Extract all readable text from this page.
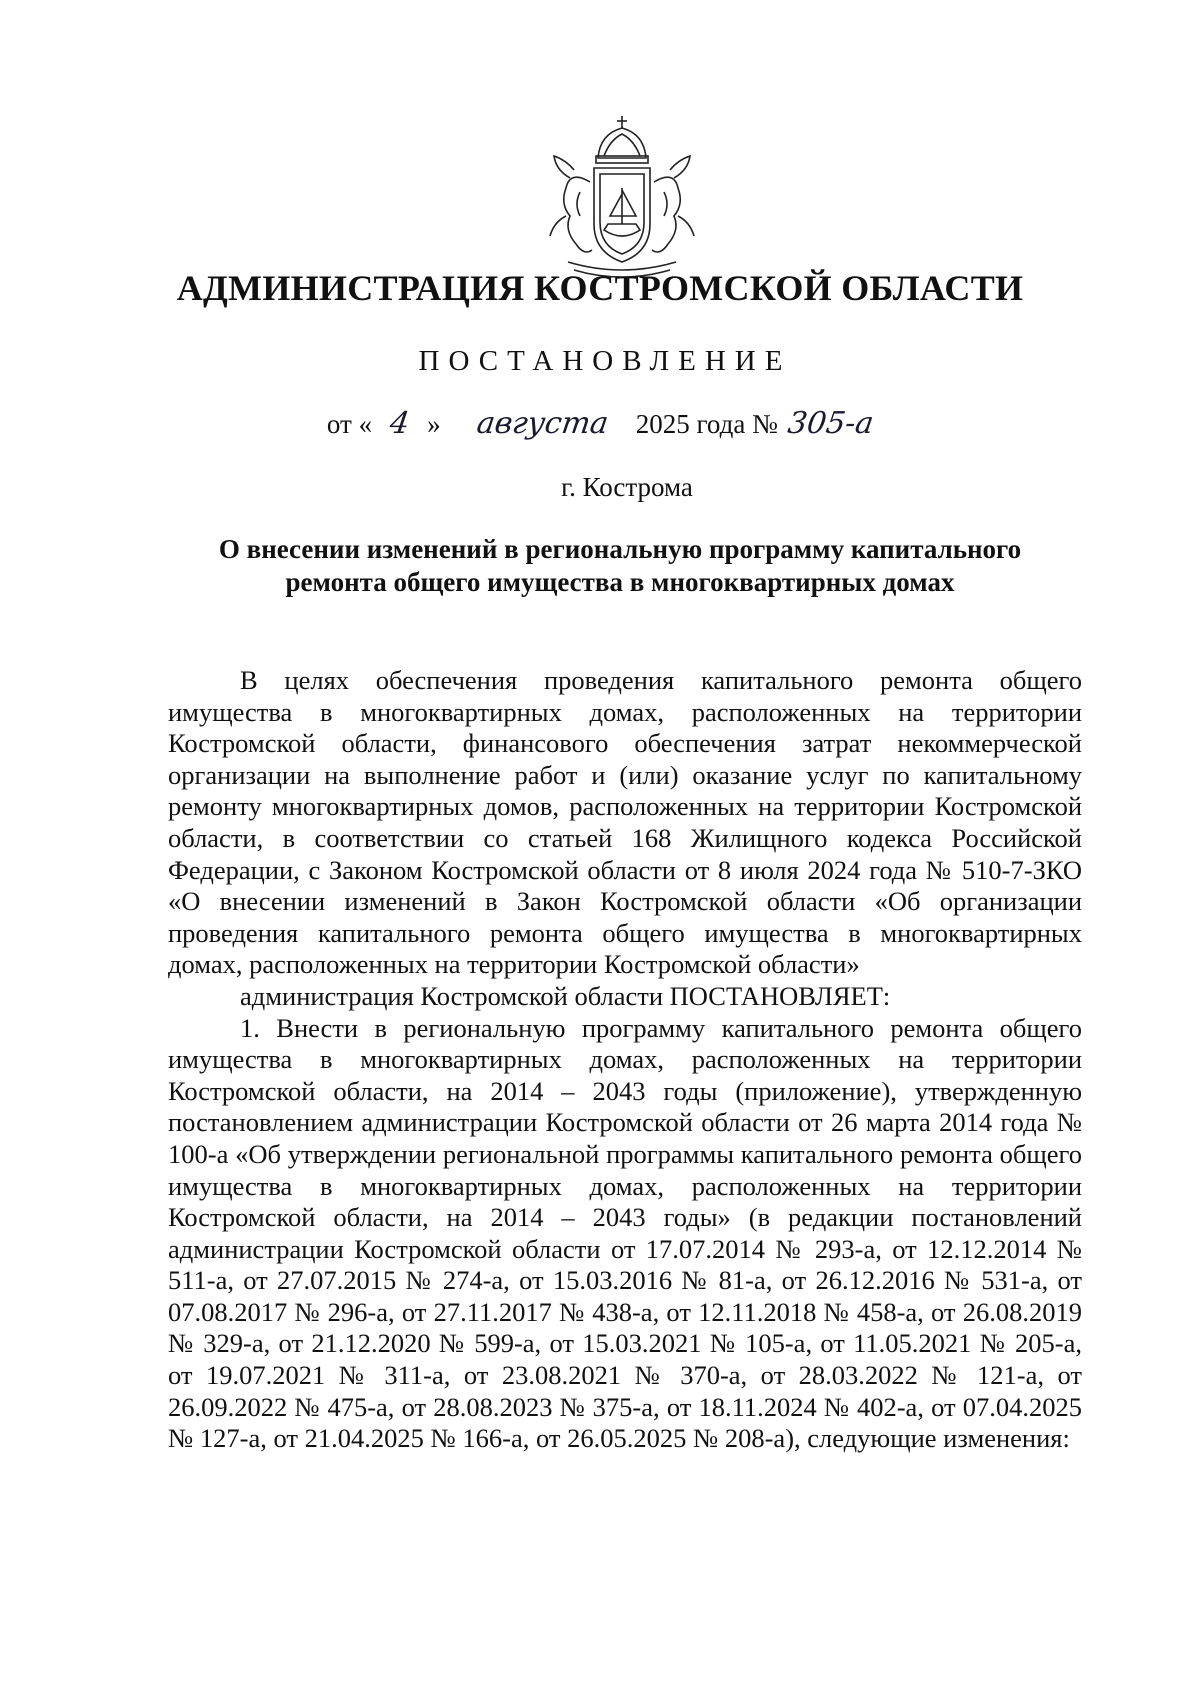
АДМИНИСТРАЦИЯ КОСТРОМСКОЙ ОБЛАСТИ
ПОСТАНОВЛЕНИЕ
от « 4 » августа 2025 года № 305-а
г. Кострома
О внесении изменений в региональную программу капитального
ремонта общего имущества в многоквартирных домах

В целях обеспечения проведения капитального ремонта общего имущества в многоквартирных домах, расположенных на территории Костромской области, финансового обеспечения затрат некоммерческой организации на выполнение работ и (или) оказание услуг по капитальному ремонту многоквартирных домов, расположенных на территории Костромской области, в соответствии со статьей 168 Жилищного кодекса Российской Федерации, с Законом Костромской области от 8 июля 2024 года № 510-7-ЗКО «О внесении изменений в Закон Костромской области «Об организации проведения капитального ремонта общего имущества в многоквартирных домах, расположенных на территории Костромской области»

администрация Костромской области ПОСТАНОВЛЯЕТ:

1. Внести в региональную программу капитального ремонта общего имущества в многоквартирных домах, расположенных на территории Костромской области, на 2014 – 2043 годы (приложение), утвержденную постановлением администрации Костромской области от 26 марта 2014 года № 100-а «Об утверждении региональной программы капитального ремонта общего имущества в многоквартирных домах, расположенных на территории Костромской области, на 2014 – 2043 годы» (в редакции постановлений администрации Костромской области от 17.07.2014 № 293-а, от 12.12.2014 № 511-а, от 27.07.2015 № 274-а, от 15.03.2016 № 81-а, от 26.12.2016 № 531-а, от 07.08.2017 № 296-а, от 27.11.2017 № 438-а, от 12.11.2018 № 458-а, от 26.08.2019 № 329-а, от 21.12.2020 № 599-а, от 15.03.2021 № 105-а, от 11.05.2021 № 205-а, от 19.07.2021 № 311-а, от 23.08.2021 № 370-а, от 28.03.2022 № 121-а, от 26.09.2022 № 475-а, от 28.08.2023 № 375-а, от 18.11.2024 № 402-а, от 07.04.2025 № 127-а, от 21.04.2025 № 166-а, от 26.05.2025 № 208-а), следующие изменения:
